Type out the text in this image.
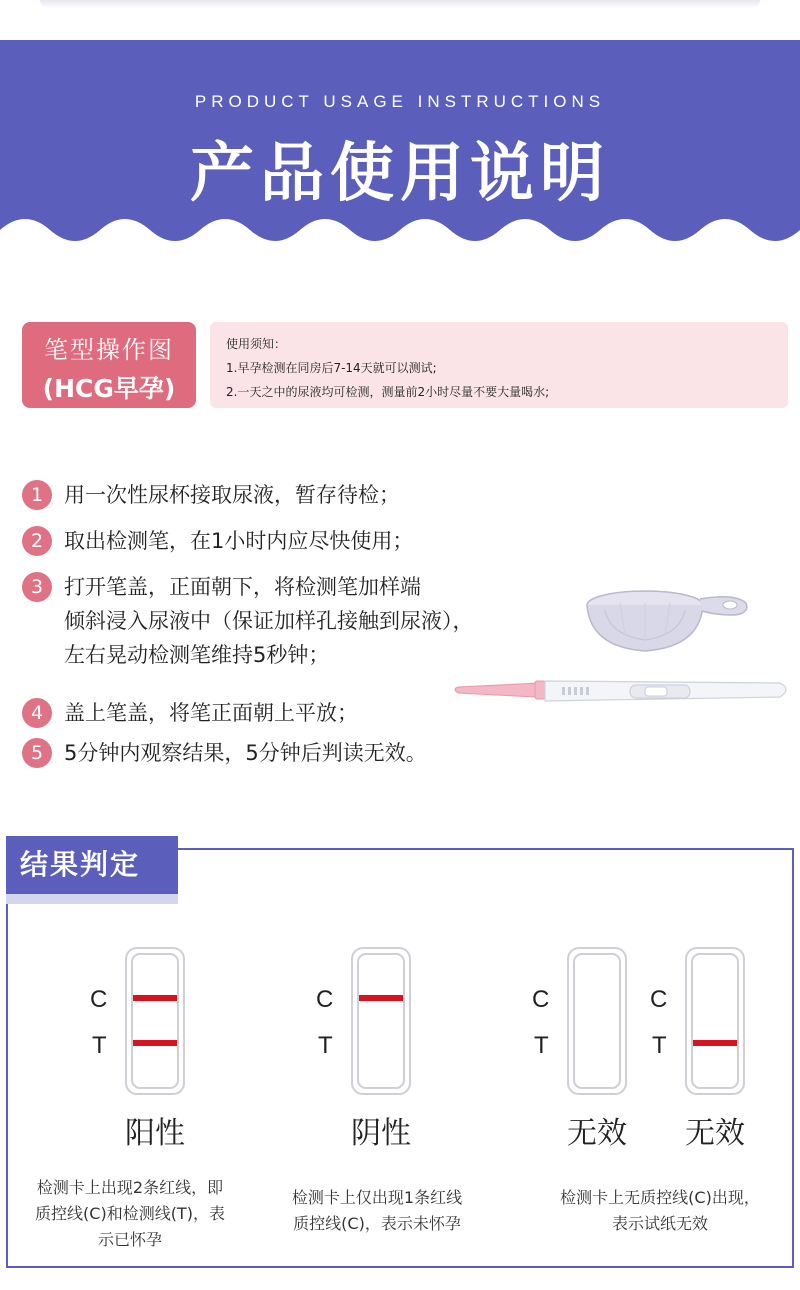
PRODUCT USAGE INSTRUCTIONS
产品使用说明
笔型操作图
(HCG早孕)
使用须知：
1.早孕检测在同房后7-14天就可以测试;
2.一天之中的尿液均可检测，测量前2小时尽量不要大量喝水;
1 用一次性尿杯接取尿液，暂存待检；
2 取出检测笔，在1小时内应尽快使用；
3 打开笔盖，正面朝下，将检测笔加样端
倾斜浸入尿液中（保证加样孔接触到尿液），
左右晃动检测笔维持5秒钟；
4 盖上笔盖，将笔正面朝上平放；
5 5分钟内观察结果，5分钟后判读无效。
结果判定
C
T
阳性
C
T
阴性
C
T
无效
C
T
无效
检测卡上出现2条红线，即
质控线(C)和检测线(T)，表
示已怀孕
检测卡上仅出现1条红线
质控线(C)，表示未怀孕
检测卡上无质控线(C)出现，
表示试纸无效
